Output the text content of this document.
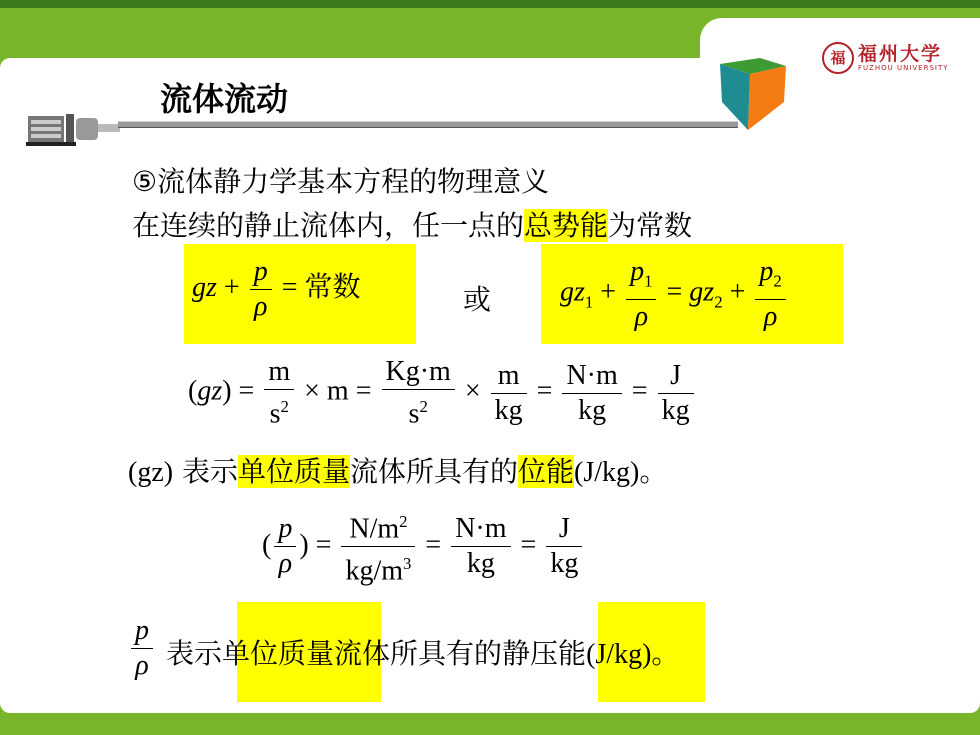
福 福州大学
FUZHOU UNIVERSITY
流体流动
⑤流体静力学基本方程的物理意义
在连续的静止流体内，任一点的总势能为常数
gz + $\frac{p}{\rho}$ = 常数	或 $gz_1 + \frac{p_1}{\rho} = gz_2 + \frac{p_2}{\rho}$
$(gz) = \frac{m}{s^2} \times m = \frac{Kg\cdot m}{s^2} \times \frac{m}{kg} = \frac{N\cdot m}{kg} = \frac{J}{kg}$
(gz) 表示单位质量流体所具有的位能(J/kg)。
( $\frac{p}{\rho}$ ) = $\frac{N/m^2}{kg/m^3} = \frac{N\cdot m}{kg} = \frac{J}{kg}$
$\frac{p}{\rho}$ 表示单位质量流体所具有的静压能(J/kg)。
